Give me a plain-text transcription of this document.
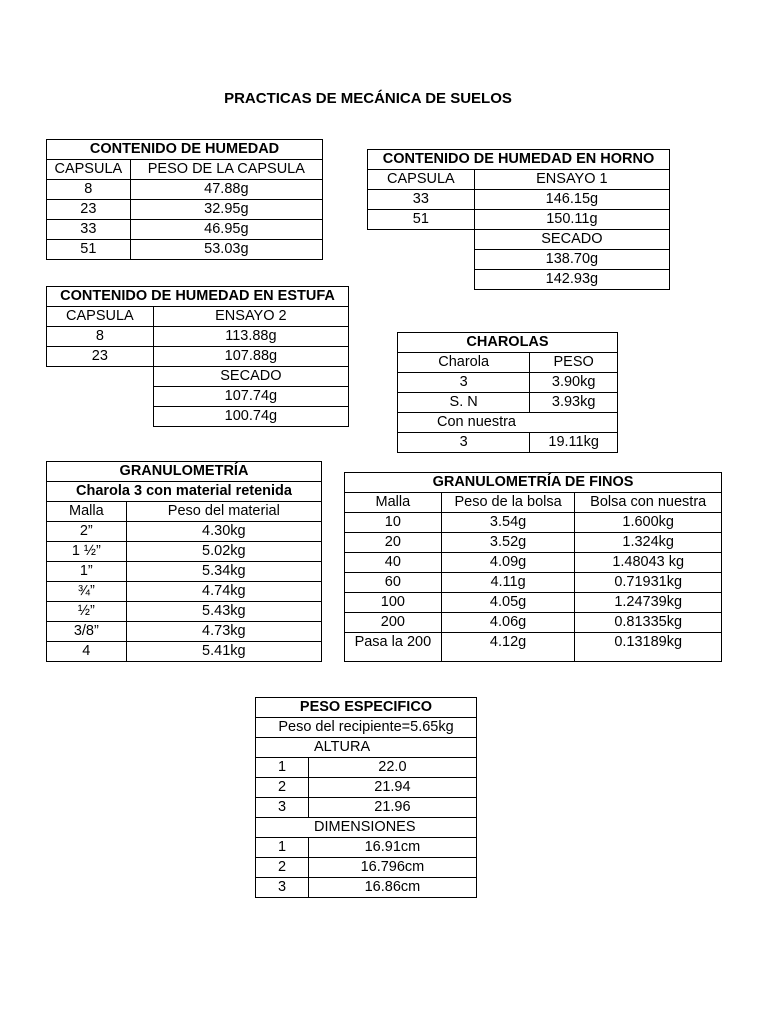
PRACTICAS DE MECÁNICA DE SUELOS
CONTENIDO DE HUMEDAD	
CAPSULA	PESO DE LA CAPSULA
8	47.88g
23	32.95g
33	46.95g
51	53.03g
CONTENIDO DE HUMEDAD EN HORNO	
CAPSULA	ENSAYO 1
33	146.15g
51	150.11g
	SECADO
	138.70g
	142.93g
CONTENIDO DE HUMEDAD EN ESTUFA	
CAPSULA	ENSAYO 2
8	113.88g
23	107.88g
	SECADO
	107.74g
	100.74g
CHAROLAS	
Charola	PESO
3	3.90kg
S. N	3.93kg
Con nuestra	
3	19.11kg
GRANULOMETRÍA	
Charola 3 con material retenida	
Malla	Peso del material
2”	4.30kg
1 ½”	5.02kg
1”	5.34kg
¾”	4.74kg
½”	5.43kg
3/8”	4.73kg
4	5.41kg
GRANULOMETRÍA DE FINOS		
Malla	Peso de la bolsa	Bolsa con nuestra
10	3.54g	1.600kg
20	3.52g	1.324kg
40	4.09g	1.48043 kg
60	4.11g	0.71931kg
100	4.05g	1.24739kg
200	4.06g	0.81335kg
Pasa la 200	4.12g	0.13189kg
PESO ESPECIFICO	
Peso del recipiente=5.65kg	
ALTURA	
1	22.0
2	21.94
3	21.96
DIMENSIONES	
1	16.91cm
2	16.796cm
3	16.86cm
